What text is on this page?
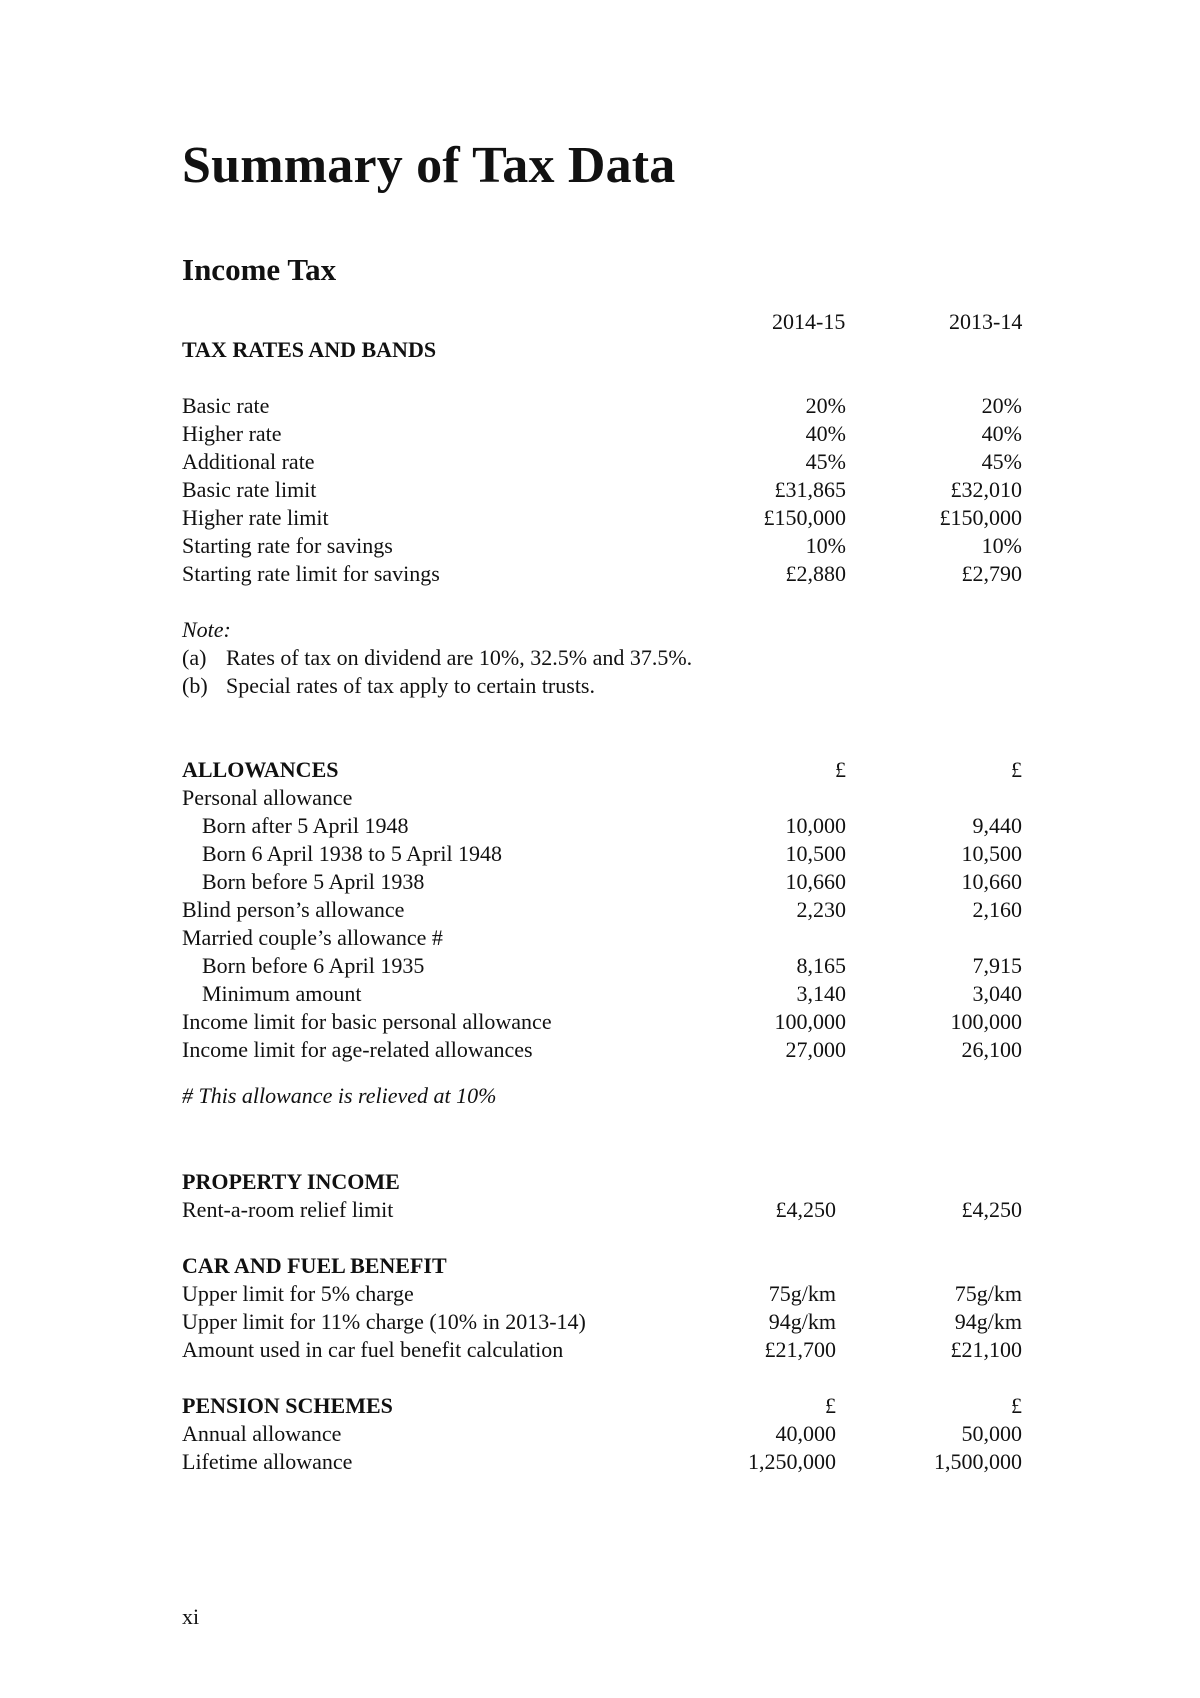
Summary of Tax Data
Income Tax
2014-15	2013-14
TAX RATES AND BANDS
Basic rate	20%	20%
Higher rate	40%	40%
Additional rate	45%	45%
Basic rate limit	£31,865	£32,010
Higher rate limit	£150,000	£150,000
Starting rate for savings	10%	10%
Starting rate limit for savings	£2,880	£2,790
Note:
(a) Rates of tax on dividend are 10%, 32.5% and 37.5%.
(b) Special rates of tax apply to certain trusts.
ALLOWANCES	£	£
Personal allowance
Born after 5 April 1948	10,000	9,440
Born 6 April 1938 to 5 April 1948	10,500	10,500
Born before 5 April 1938	10,660	10,660
Blind person’s allowance	2,230	2,160
Married couple’s allowance #
Born before 6 April 1935	8,165	7,915
Minimum amount	3,140	3,040
Income limit for basic personal allowance	100,000	100,000
Income limit for age-related allowances	27,000	26,100
# This allowance is relieved at 10%
PROPERTY INCOME
Rent-a-room relief limit	£4,250	£4,250
CAR AND FUEL BENEFIT
Upper limit for 5% charge	75g/km	75g/km
Upper limit for 11% charge (10% in 2013-14)	94g/km	94g/km
Amount used in car fuel benefit calculation	£21,700	£21,100
PENSION SCHEMES	£	£
Annual allowance	40,000	50,000
Lifetime allowance	1,250,000	1,500,000
xi
